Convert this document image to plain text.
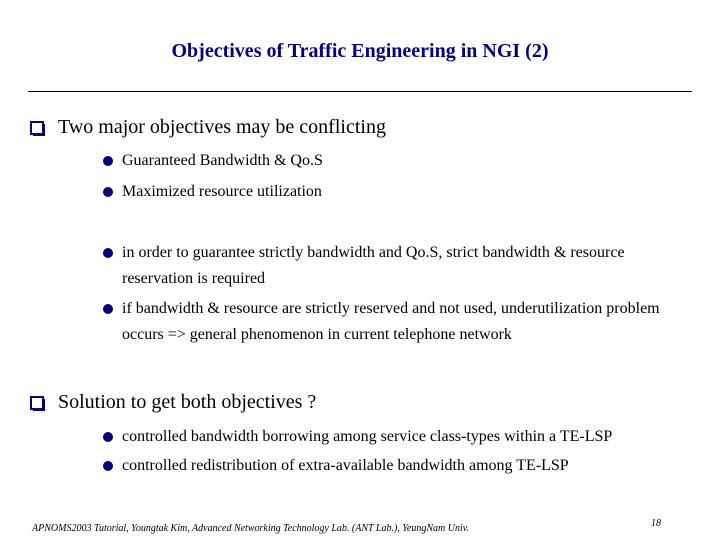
Objectives of Traffic Engineering in NGI (2)
Two major objectives may be conflicting
Guaranteed Bandwidth & Qo.S
Maximized resource utilization
in order to guarantee strictly bandwidth and Qo.S, strict bandwidth & resource reservation is required
if bandwidth & resource are strictly reserved and not used, underutilization problem occurs => general phenomenon in current telephone network
Solution to get both objectives ?
controlled bandwidth borrowing among service class-types within a TE-LSP
controlled redistribution of extra-available bandwidth among TE-LSP
APNOMS2003 Tutorial, Youngtak Kim, Advanced Networking Technology Lab. (ANT Lab.), YeungNam Univ.	18
